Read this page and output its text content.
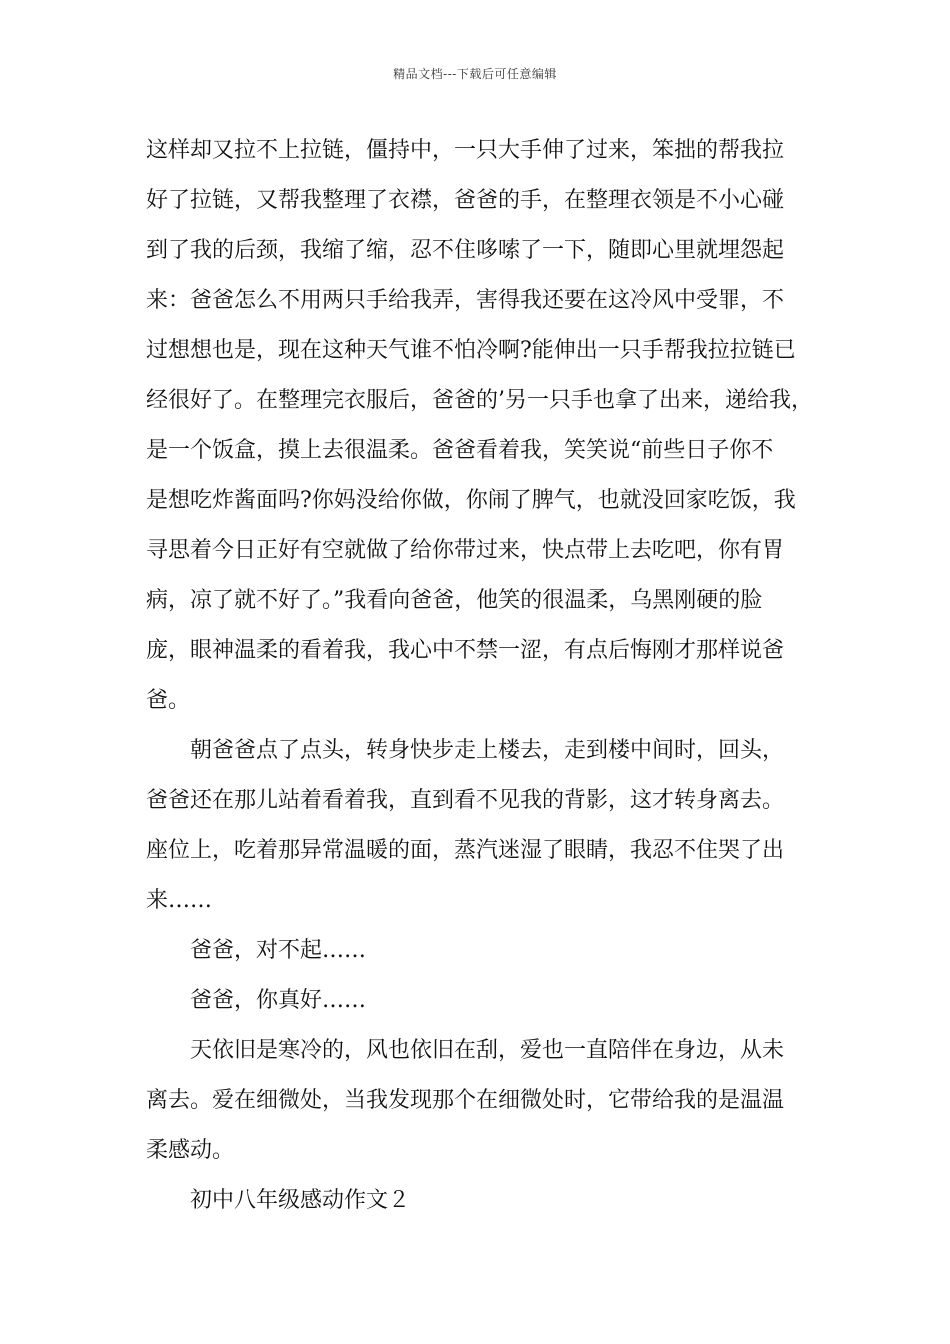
精品文档---下载后可任意编辑
这样却又拉不上拉链，僵持中，一只大手伸了过来，笨拙的帮我拉
好了拉链，又帮我整理了衣襟，爸爸的手，在整理衣领是不小心碰
到了我的后颈，我缩了缩，忍不住哆嗦了一下，随即心里就埋怨起
来：爸爸怎么不用两只手给我弄，害得我还要在这冷风中受罪，不
过想想也是，现在这种天气谁不怕冷啊?能伸出一只手帮我拉拉链已
经很好了。在整理完衣服后，爸爸的’另一只手也拿了出来，递给我，
是一个饭盒，摸上去很温柔。爸爸看着我，笑笑说“前些日子你不
是想吃炸酱面吗?你妈没给你做，你闹了脾气，也就没回家吃饭，我
寻思着今日正好有空就做了给你带过来，快点带上去吃吧，你有胃
病，凉了就不好了。”我看向爸爸，他笑的很温柔，乌黑刚硬的脸
庞，眼神温柔的看着我，我心中不禁一涩，有点后悔刚才那样说爸
爸。
朝爸爸点了点头，转身快步走上楼去，走到楼中间时，回头，
爸爸还在那儿站着看着我，直到看不见我的背影，这才转身离去。
座位上，吃着那异常温暖的面，蒸汽迷湿了眼睛，我忍不住哭了出
来……
爸爸，对不起……
爸爸，你真好……
天依旧是寒冷的，风也依旧在刮，爱也一直陪伴在身边，从未
离去。爱在细微处，当我发现那个在细微处时，它带给我的是温温
柔感动。
初中八年级感动作文２
